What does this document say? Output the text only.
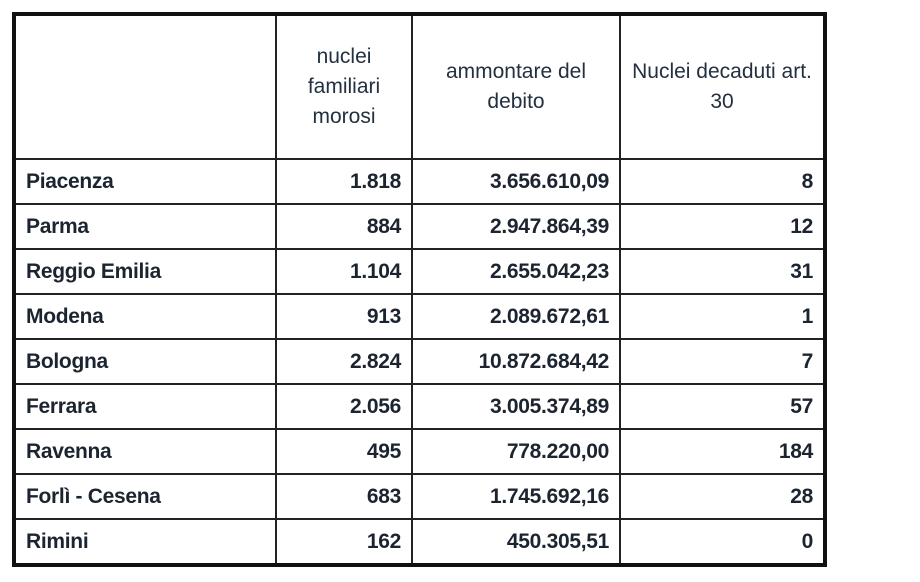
	nuclei familiari morosi	ammontare del debito	Nuclei decaduti art. 30
Piacenza	1.818	3.656.610,09	8
Parma	884	2.947.864,39	12
Reggio Emilia	1.104	2.655.042,23	31
Modena	913	2.089.672,61	1
Bologna	2.824	10.872.684,42	7
Ferrara	2.056	3.005.374,89	57
Ravenna	495	778.220,00	184
Forlì - Cesena	683	1.745.692,16	28
Rimini	162	450.305,51	0
